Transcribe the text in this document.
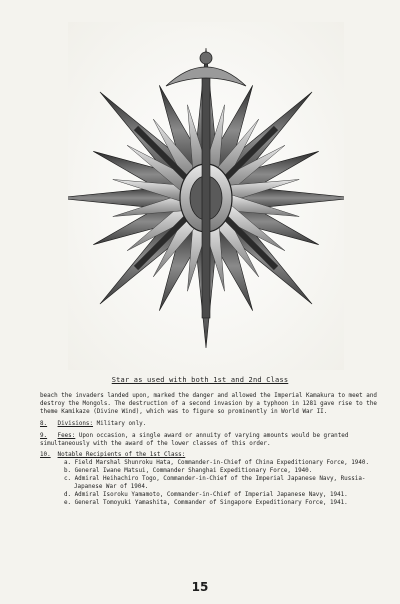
Star as used with both 1st and 2nd Class

beach the invaders landed upon, marked the danger and allowed the Imperial Kamakura to meet and destroy the Mongols. The destruction of a second invasion by a typhoon in 1281 gave rise to the theme Kamikaze (Divine Wind), which was to figure so prominently in World War II.

8. Divisions: Military only.

9. Fees: Upon occasion, a single award or annuity of varying amounts would be granted simultaneously with the award of the lower classes of this order.

10. Notable Recipients of the 1st Class:

a. Field Marshal Shunroku Hata, Commander-in-Chief of China Expeditionary Force, 1940.
b. General Iwane Matsui, Commander Shanghai Expeditionary Force, 1940.
c. Admiral Heihachiro Togo, Commander-in-Chief of the Imperial Japanese Navy, Russia-Japanese War of 1904.
d. Admiral Isoroku Yamamoto, Commander-in-Chief of Imperial Japanese Navy, 1941.
e. General Tomoyuki Yamashita, Commander of Singapore Expeditionary Force, 1941.
15
